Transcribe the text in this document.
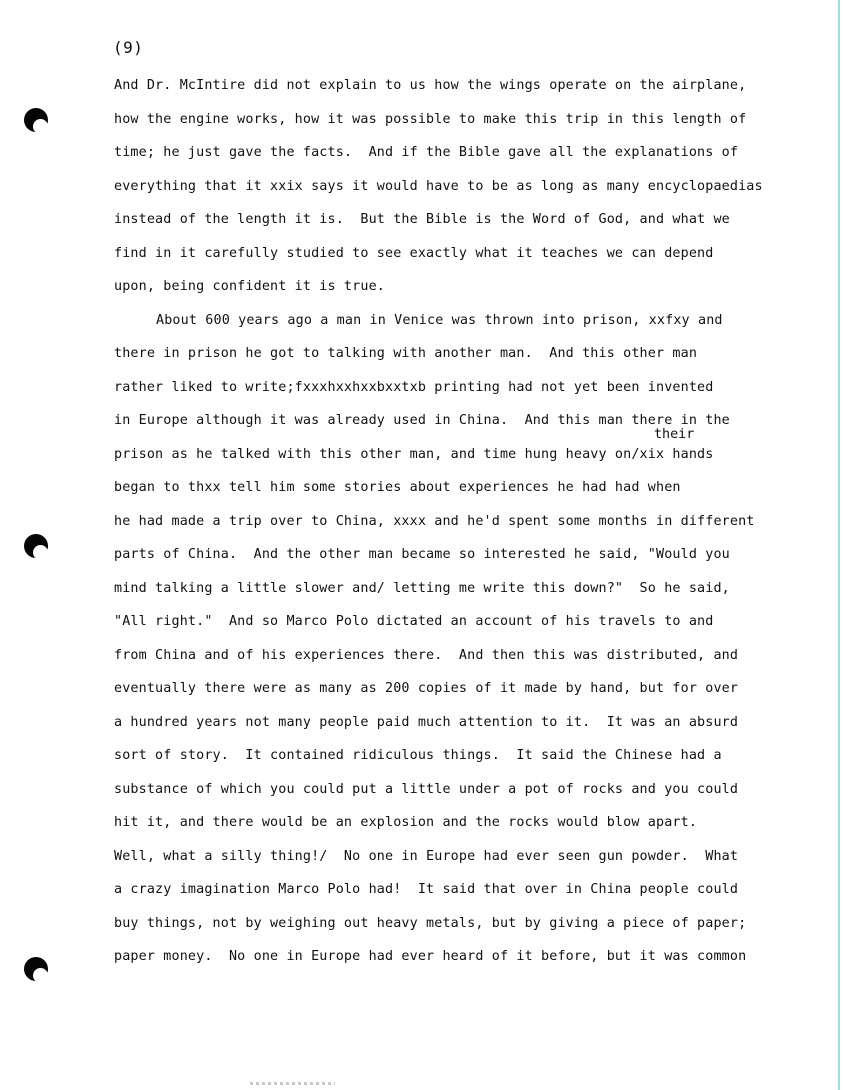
(9)
their
And Dr. McIntire did not explain to us how the wings operate on the airplane,
how the engine works, how it was possible to make this trip in this length of
time; he just gave the facts.  And if the Bible gave all the explanations of
everything that it xxix says it would have to be as long as many encyclopaedias
instead of the length it is.  But the Bible is the Word of God, and what we
find in it carefully studied to see exactly what it teaches we can depend
upon, being confident it is true.
About 600 years ago a man in Venice was thrown into prison, xxfxy and
there in prison he got to talking with another man.  And this other man
rather liked to write;fxxxhxxhxxbxxtxb printing had not yet been invented
in Europe although it was already used in China.  And this man there in the
prison as he talked with this other man, and time hung heavy on/xix hands
began to thxx tell him some stories about experiences he had had when
he had made a trip over to China, xxxx and he'd spent some months in different
parts of China.  And the other man became so interested he said, "Would you
mind talking a little slower and/ letting me write this down?"  So he said,
"All right."  And so Marco Polo dictated an account of his travels to and
from China and of his experiences there.  And then this was distributed, and
eventually there were as many as 200 copies of it made by hand, but for over
a hundred years not many people paid much attention to it.  It was an absurd
sort of story.  It contained ridiculous things.  It said the Chinese had a
substance of which you could put a little under a pot of rocks and you could
hit it, and there would be an explosion and the rocks would blow apart.
Well, what a silly thing!/  No one in Europe had ever seen gun powder.  What
a crazy imagination Marco Polo had!  It said that over in China people could
buy things, not by weighing out heavy metals, but by giving a piece of paper;
paper money.  No one in Europe had ever heard of it before, but it was common
